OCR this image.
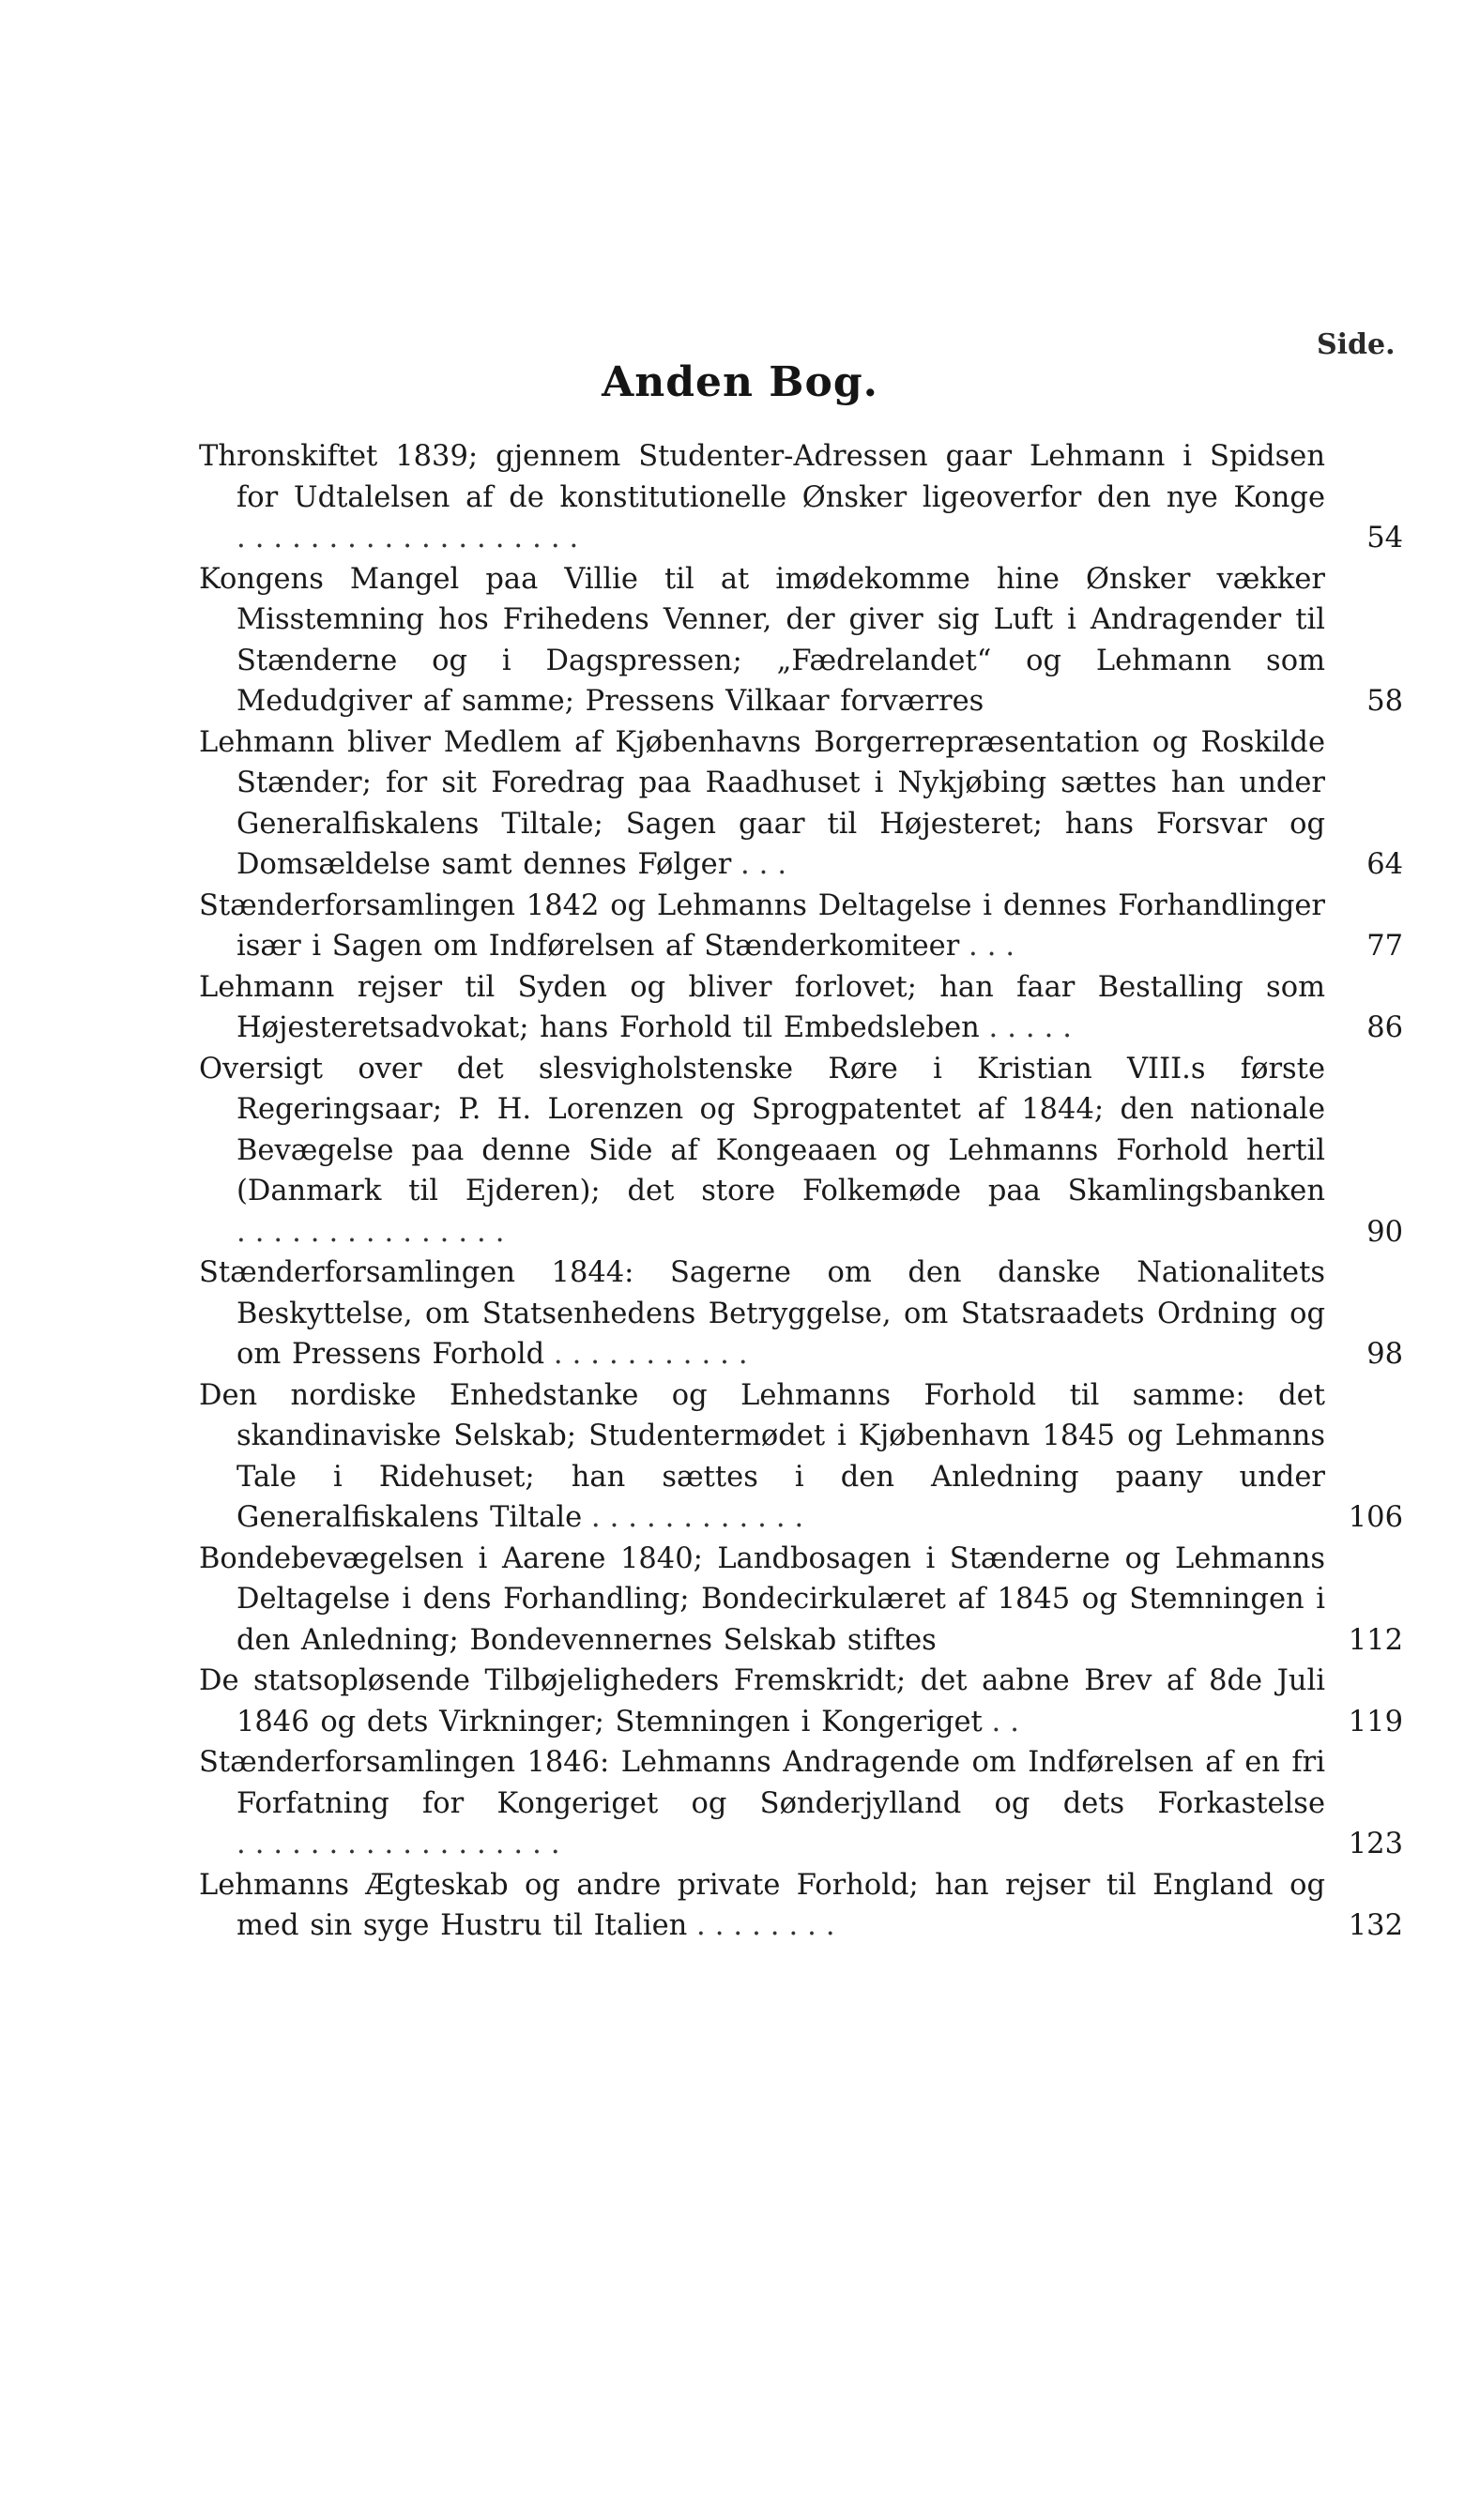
Side.
Anden Bog.
Thronskiftet 1839; gjennem Studenter-Adressen gaar Lehmann i Spidsen for Udtalelsen af de konstitutionelle Ønsker ligeoverfor den nye Konge ...................	54
Kongens Mangel paa Villie til at imødekomme hine Ønsker vækker Misstemning hos Frihedens Venner, der giver sig Luft i Andragender til Stænderne og i Dagspressen; „Fædrelandet“ og Lehmann som Medudgiver af samme; Pressens Vilkaar forværres	58
Lehmann bliver Medlem af Kjøbenhavns Borgerrepræsentation og Roskilde Stænder; for sit Foredrag paa Raadhuset i Nykjøbing sættes han under Generalfiskalens Tiltale; Sagen gaar til Højesteret; hans Forsvar og Domsældelse samt dennes Følger ...	64
Stænderforsamlingen 1842 og Lehmanns Deltagelse i dennes Forhandlinger især i Sagen om Indførelsen af Stænderkomiteer ...	77
Lehmann rejser til Syden og bliver forlovet; han faar Bestalling som Højesteretsadvokat; hans Forhold til Embedsleben .....	86
Oversigt over det slesvigholstenske Røre i Kristian VIII.s første Regeringsaar; P. H. Lorenzen og Sprogpatentet af 1844; den nationale Bevægelse paa denne Side af Kongeaaen og Lehmanns Forhold hertil (Danmark til Ejderen); det store Folkemøde paa Skamlingsbanken ...............	90
Stænderforsamlingen 1844: Sagerne om den danske Nationalitets Beskyttelse, om Statsenhedens Betryggelse, om Statsraadets Ordning og om Pressens Forhold ...........	98
Den nordiske Enhedstanke og Lehmanns Forhold til samme: det skandinaviske Selskab; Studentermødet i Kjøbenhavn 1845 og Lehmanns Tale i Ridehuset; han sættes i den Anledning paany under Generalfiskalens Tiltale ............	106
Bondebevægelsen i Aarene 1840; Landbosagen i Stænderne og Lehmanns Deltagelse i dens Forhandling; Bondecirkulæret af 1845 og Stemningen i den Anledning; Bondevennernes Selskab stiftes	112
De statsopløsende Tilbøjeligheders Fremskridt; det aabne Brev af 8de Juli 1846 og dets Virkninger; Stemningen i Kongeriget ..	119
Stænderforsamlingen 1846: Lehmanns Andragende om Indførelsen af en fri Forfatning for Kongeriget og Sønderjylland og dets Forkastelse ..................	123
Lehmanns Ægteskab og andre private Forhold; han rejser til England og med sin syge Hustru til Italien ........	132
